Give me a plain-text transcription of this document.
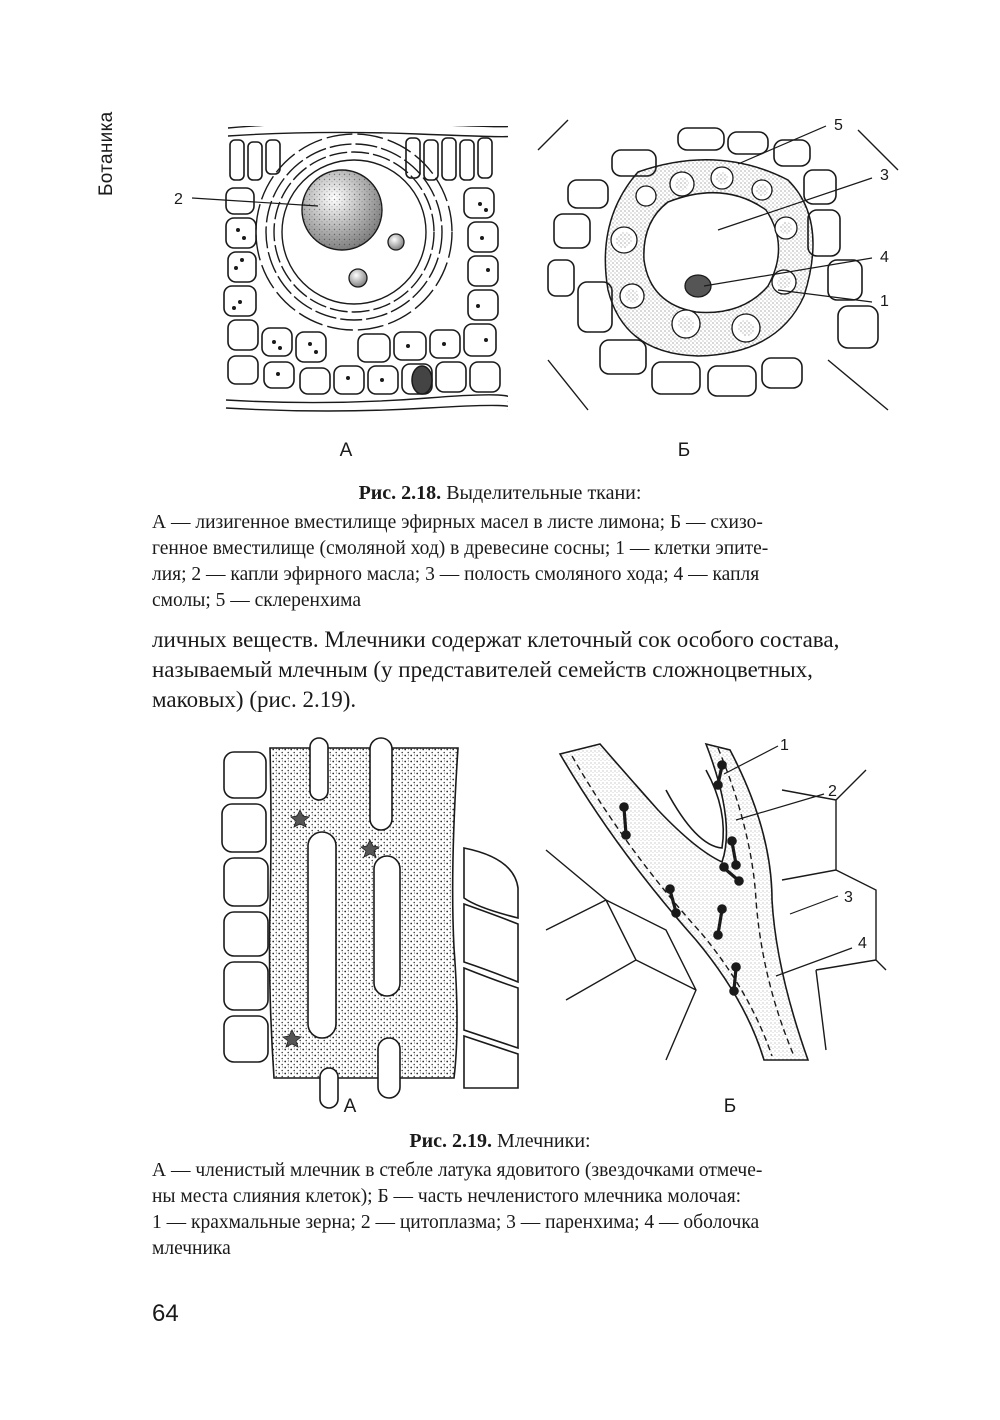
Ботаника
2
5
3
4
1
А	Б
Рис. 2.18. Выделительные ткани:
А — лизигенное вместилище эфирных масел в листе лимона; Б — схизо-
генное вместилище (смоляной ход) в древесине сосны; 1 — клетки эпите-
лия; 2 — капли эфирного масла; 3 — полость смоляного хода; 4 — капля
смолы; 5 — склеренхима
личных веществ. Млечники содержат клеточный сок особого состава,
называемый млечным (у представителей семейств сложноцветных,
маковых) (рис. 2.19).
1
2
3
4
А	Б
Рис. 2.19. Млечники:
А — членистый млечник в стебле латука ядовитого (звездочками отмече-
ны места слияния клеток); Б — часть нечленистого млечника молочая:
1 — крахмальные зерна; 2 — цитоплазма; 3 — паренхима; 4 — оболочка
млечника
64
